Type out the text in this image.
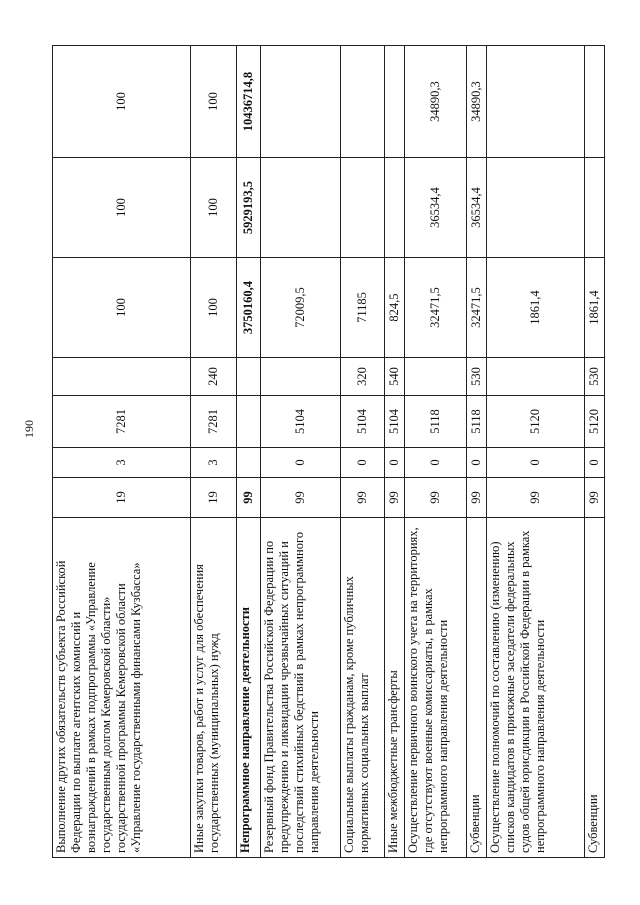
190
Выполнение других обязательств субъекта Российской Федерации по выплате агентских комиссий и вознаграждений в рамках подпрограммы «Управление государственным долгом Кемеровской области» государственной программы Кемеровской области «Управление государственными финансами Кузбасса»	19	3	7281		100	100	100
Иные закупки товаров, работ и услуг для обеспечения государственных (муниципальных) нужд	19	3	7281	240	100	100	100
Непрограммное направление деятельности	99				3750160,4	5929193,5	10436714,8
Резервный фонд Правительства Российской Федерации по предупреждению и ликвидации чрезвычайных ситуаций и последствий стихийных бедствий в рамках непрограммного направления деятельности	99	0	5104		72009,5		
Социальные выплаты гражданам, кроме публичных нормативных социальных выплат	99	0	5104	320	71185		
Иные межбюджетные трансферты	99	0	5104	540	824,5		
Осуществление первичного воинского учета на территориях, где отсутствуют военные комиссариаты, в рамках непрограммного направления деятельности	99	0	5118		32471,5	36534,4	34890,3
Субвенции	99	0	5118	530	32471,5	36534,4	34890,3
Осуществление полномочий по составлению (изменению) списков кандидатов в присяжные заседатели федеральных судов общей юрисдикции в Российской Федерации в рамках непрограммного направления деятельности	99	0	5120		1861,4		
Субвенции	99	0	5120	530	1861,4		
